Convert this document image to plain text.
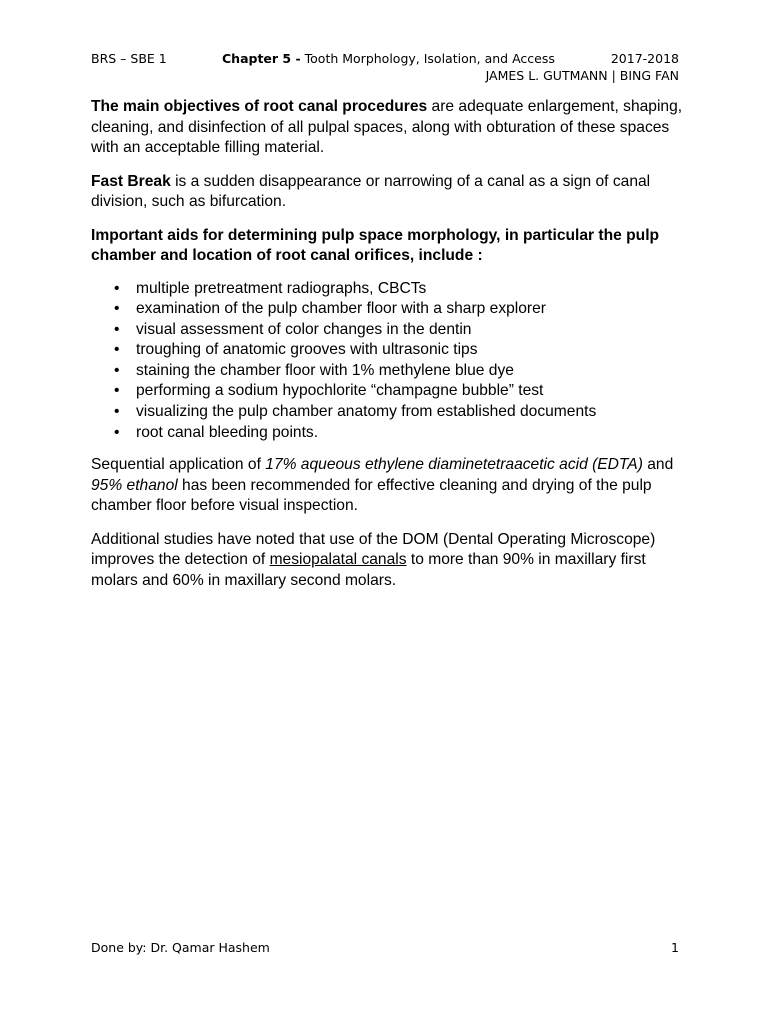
BRS – SBE 1	Chapter 5 - Tooth Morphology, Isolation, and Access	2017-2018
JAMES L. GUTMANN | BING FAN

The main objectives of root canal procedures are adequate enlargement, shaping, cleaning, and disinfection of all pulpal spaces, along with obturation of these spaces with an acceptable filling material.

Fast Break is a sudden disappearance or narrowing of a canal as a sign of canal division, such as bifurcation.

Important aids for determining pulp space morphology, in particular the pulp chamber and location of root canal orifices, include :

• multiple pretreatment radiographs, CBCTs
• examination of the pulp chamber floor with a sharp explorer
• visual assessment of color changes in the dentin
• troughing of anatomic grooves with ultrasonic tips
• staining the chamber floor with 1% methylene blue dye
• performing a sodium hypochlorite “champagne bubble” test
• visualizing the pulp chamber anatomy from established documents
• root canal bleeding points.

Sequential application of 17% aqueous ethylene diaminetetraacetic acid (EDTA) and 95% ethanol has been recommended for effective cleaning and drying of the pulp chamber floor before visual inspection.

Additional studies have noted that use of the DOM (Dental Operating Microscope) improves the detection of mesiopalatal canals to more than 90% in maxillary first molars and 60% in maxillary second molars.

Done by: Dr. Qamar Hashem	1
